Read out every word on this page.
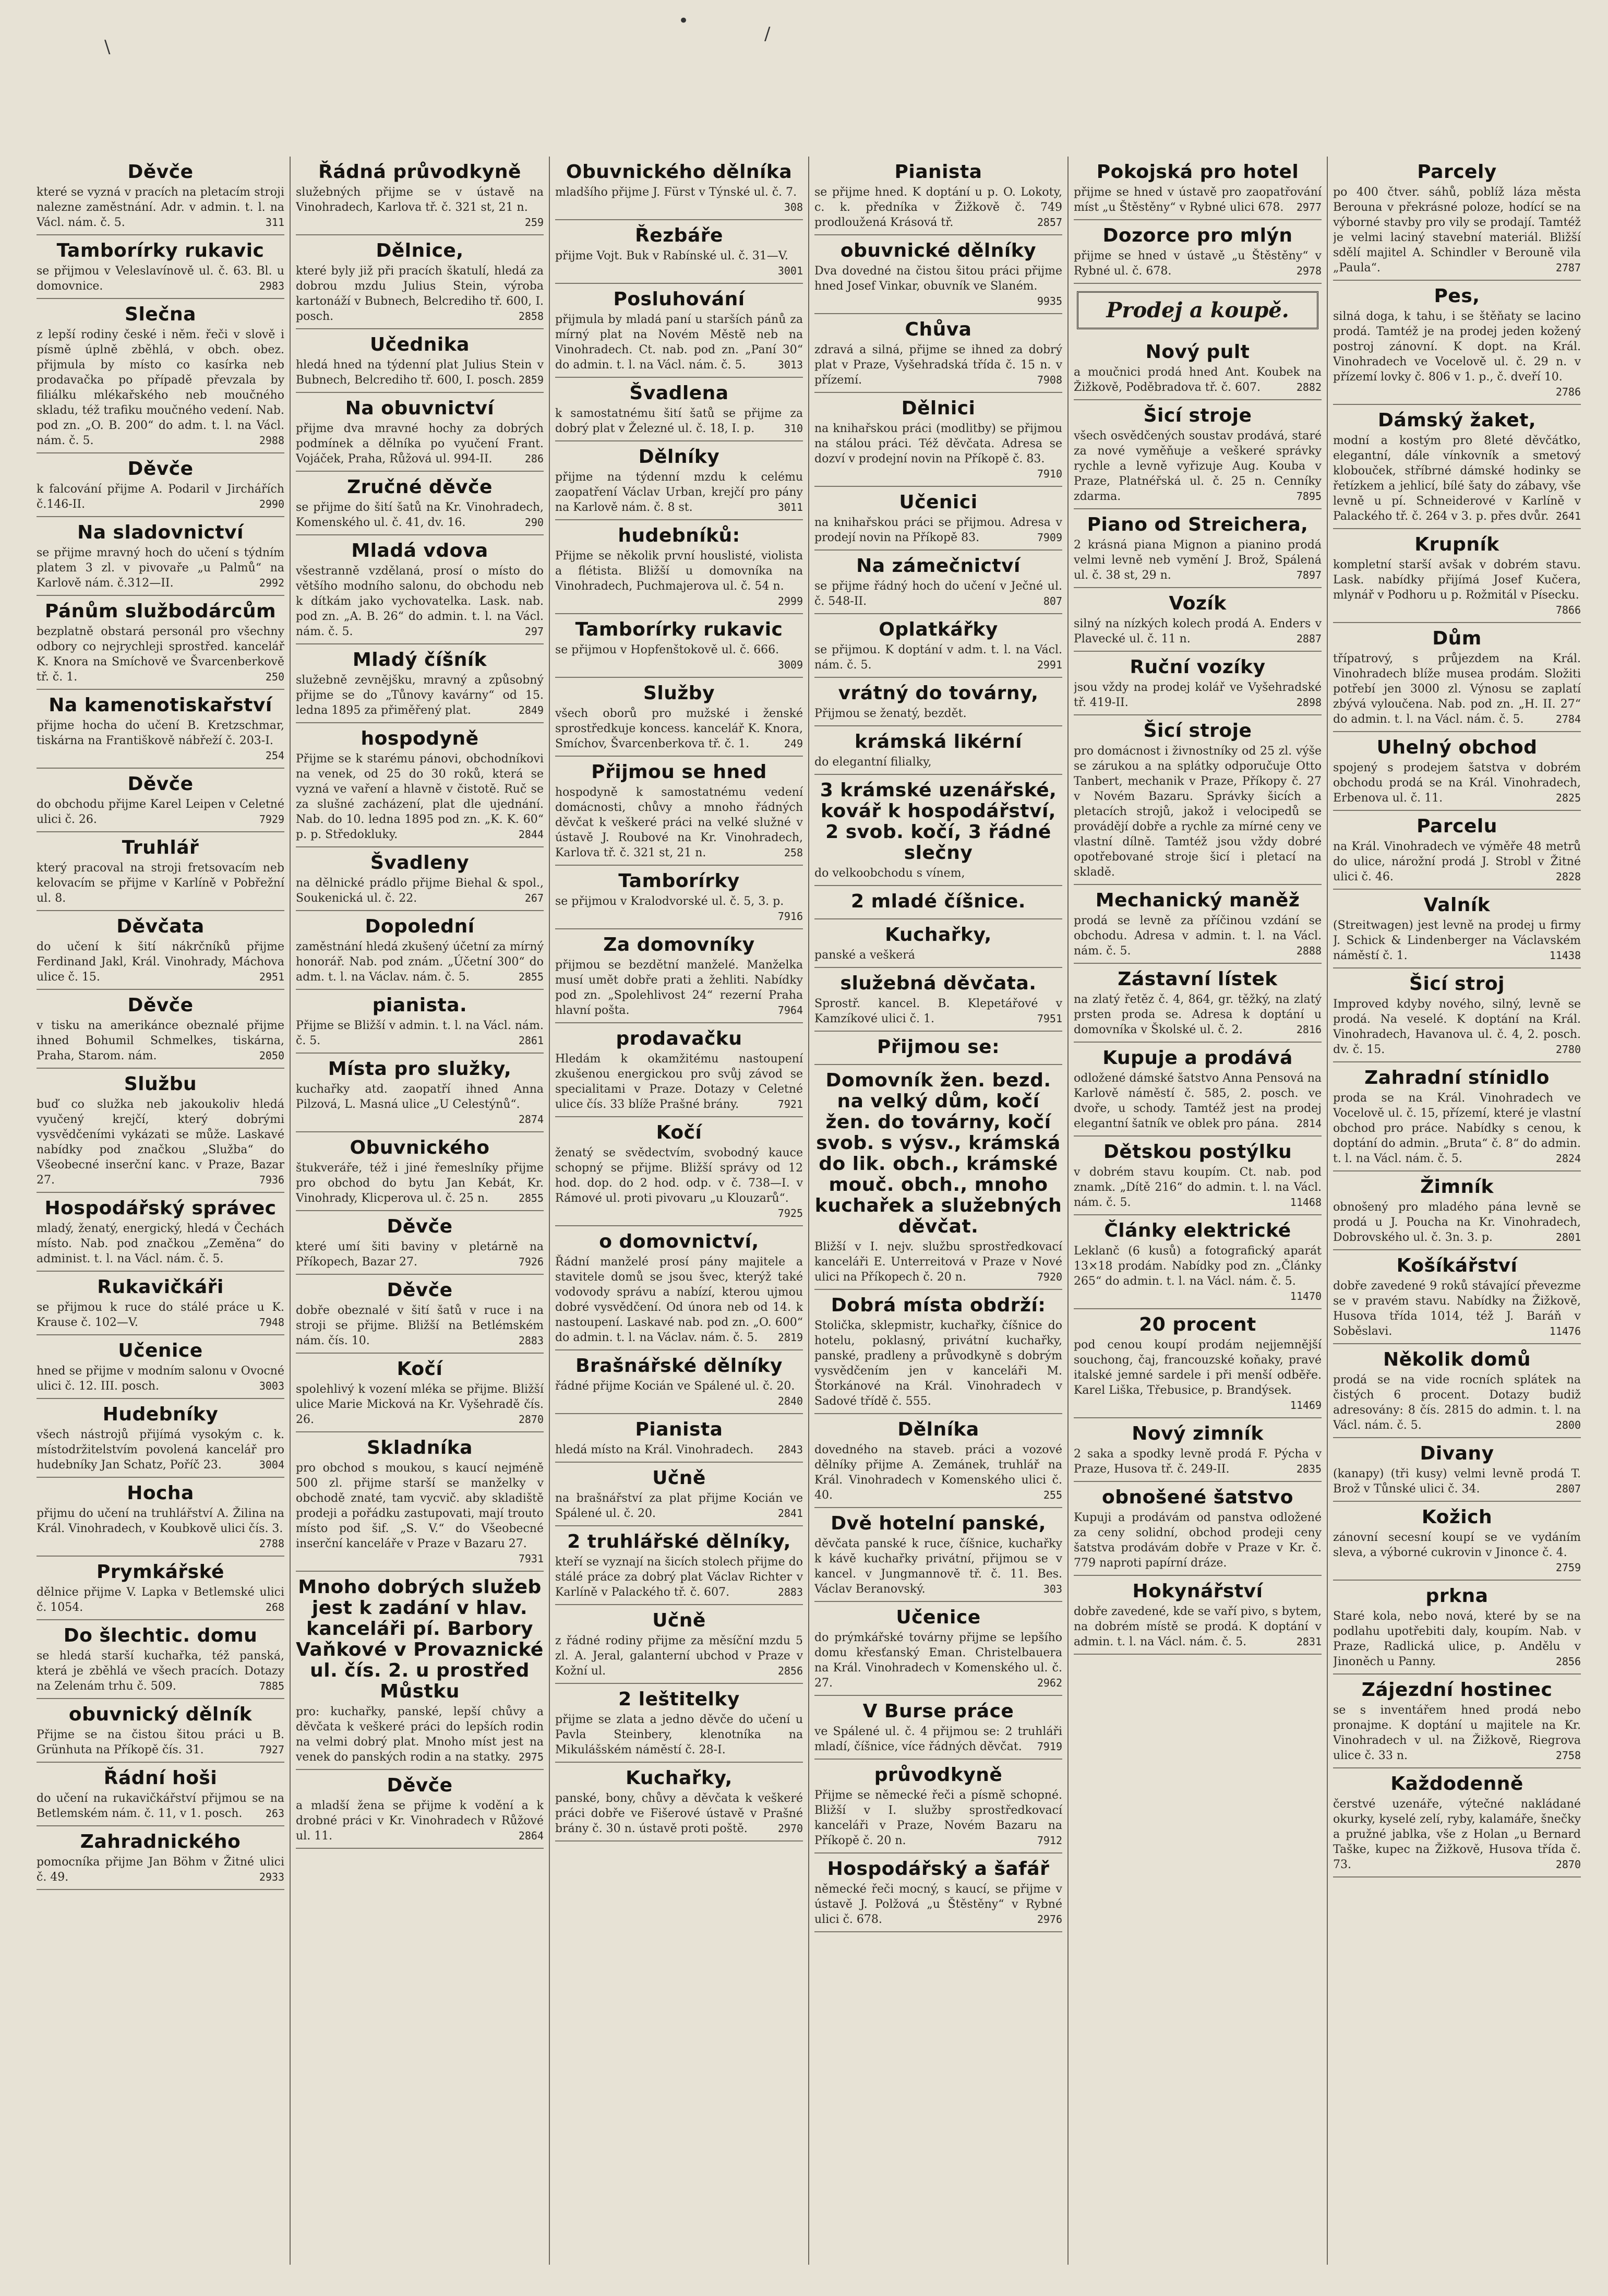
•
\
/
Děvče

které se vyzná v pracích na pletacím stroji nalezne zaměstnání. Adr. v admin. t. l. na Václ. nám. č. 5.	311

Tamborírky rukavic

se přijmou v Veleslavínově ul. č. 63. Bl. u domovnice.	2983

Slečna

z lepší rodiny české i něm. řeči v slově i písmě úplně zběhlá, v obch. obez. přijmula by místo co kasírka neb prodavačka po případě převzala by filiálku mlékařského neb moučného skladu, též trafiku moučného vedení. Nab. pod zn. „O. B. 200“ do adm. t. l. na Václ. nám. č. 5.	2988

Děvče

k falcování přijme A. Podaril v Jirchářích č.146-II.	2990

Na sladovnictví

se přijme mravný hoch do učení s týdním platem 3 zl. v pivovaře „u Palmů“ na Karlově nám. č.312—II.	2992

Pánům službodárcům

bezplatně obstará personál pro všechny odbory co nejrychleji sprostřed. kancelář K. Knora na Smíchově ve Švarcenberkově tř. č. 1.	250

Na kamenotiskařství

přijme hocha do učení B. Kretzschmar, tiskárna na Františkově nábřeží č. 203-I.
254

Děvče

do obchodu přijme Karel Leipen v Celetné ulici č. 26.	7929

Truhlář

který pracoval na stroji fretsovacím neb kelovacím se přijme v Karlíně v Pobřežní ul. 8.

Děvčata

do učení k šití nákrčníků přijme Ferdinand Jakl, Král. Vinohrady, Máchova ulice č. 15.	2951

Děvče

v tisku na amerikánce obeznalé přijme ihned Bohumil Schmelkes, tiskárna, Praha, Starom. nám.	2050

Službu

buď co služka neb jakoukoliv hledá vyučený krejčí, který dobrými vysvědčeními vykázati se může. Laskavé nabídky pod značkou „Služba“ do Všeobecné inserční kanc. v Praze, Bazar 27.	7936

Hospodářský správec

mladý, ženatý, energický, hledá v Čechách místo. Nab. pod značkou „Zeměna“ do administ. t. l. na Václ. nám. č. 5.

Rukavičkáři

se přijmou k ruce do stálé práce u K. Krause č. 102—V.	7948

Učenice

hned se přijme v modním salonu v Ovocné ulici č. 12. III. posch.	3003

Hudebníky

všech nástrojů přijímá vysokým c. k. místodržitelstvím povolená kancelář pro hudebníky Jan Schatz, Poříč 23.	3004

Hocha

přijmu do učení na truhlářství A. Žilina na Král. Vinohradech, v Koubkově ulici čís. 3.
2788

Prymkářské

dělnice přijme V. Lapka v Betlemské ulici č. 1054.	268

Do šlechtic. domu

se hledá starší kuchařka, též panská, která je zběhlá ve všech pracích. Dotazy na Zelenám trhu č. 509.	7885

obuvnický dělník

Přijme se na čistou šitou práci u B. Grünhuta na Příkopě čís. 31.	7927

Řádní hoši

do učení na rukavičkářství přijmou se na Betlemském nám. č. 11, v 1. posch. 263

Zahradnického

pomocníka přijme Jan Böhm v Žitné ulici č. 49.	2933

Řádná průvodkyně

služebných přijme se v ústavě na Vinohradech, Karlova tř. č. 321 st, 21 n.
259

Dělnice,

které byly již při pracích škatulí, hledá za dobrou mzdu Julius Stein, výroba kartonáží v Bubnech, Belcrediho tř. 600, I. posch.	2858

Učednika

hledá hned na týdenní plat Julius Stein v Bubnech, Belcrediho tř. 600, I. posch. 2859

Na obuvnictví

přijme dva mravné hochy za dobrých podmínek a dělníka po vyučení Frant. Vojáček, Praha, Růžová ul. 994-II.	286

Zručné děvče

se přijme do šití šatů na Kr. Vinohradech, Komenského ul. č. 41, dv. 16.	290

Mladá vdova

všestranně vzdělaná, prosí o místo do většího modního salonu, do obchodu neb k dítkám jako vychovatelka. Lask. nab. pod zn. „A. B. 26“ do admin. t. l. na Václ. nám. č. 5.	297

Mladý číšník

služebně zevnějšku, mravný a způsobný přijme se do „Tůnovy kavárny“ od 15. ledna 1895 za přiměřený plat.	2849

hospodyně

Přijme se k starému pánovi, obchodníkovi na venek, od 25 do 30 roků, která se vyzná ve vaření a hlavně v čistotě. Ruč se za slušné zacházení, plat dle ujednání. Nab. do 10. ledna 1895 pod zn. „K. K. 60“ p. p. Středokluky.	2844

Švadleny

na dělnické prádlo přijme Biehal & spol., Soukenická ul. č. 22.	267

Dopolední

zaměstnání hledá zkušený účetní za mírný honorář. Nab. pod znám. „Účetní 300“ do adm. t. l. na Václav. nám. č. 5.	2855

pianista.

Přijme se Bližší v admin. t. l. na Václ. nám. č. 5.	2861

Místa pro služky,

kuchařky atd. zaopatří ihned Anna Pilzová, L. Masná ulice „U Celestýnů“.
2874

Obuvnického

štukveráře, též i jiné řemeslníky přijme pro obchod do bytu Jan Kebát, Kr. Vinohrady, Klicperova ul. č. 25 n.	2855

Děvče

které umí šiti baviny v pletárně na Příkopech, Bazar 27.	7926

Děvče

dobře obeznalé v šití šatů v ruce i na stroji se přijme. Bližší na Betlémském nám. čís. 10.	2883

Kočí

spolehlivý k vození mléka se přijme. Bližší ulice Marie Micková na Kr. Vyšehradě čís. 26.	2870

Skladníka

pro obchod s moukou, s kaucí nejméně 500 zl. přijme starší se manželky v obchodě znaté, tam vycvič. aby skladiště prodeji a pořádku zastupovati, mají trouto místo pod šif. „S. V.“ do Všeobecné inserční kanceláře v Praze v Bazaru 27.
7931

Mnoho dobrých služeb jest k zadání v hlav. kanceláři pí. Barbory Vaňkové v Provaznické ul. čís. 2. u prostřed Můstku

pro: kuchařky, panské, lepší chůvy a děvčata k veškeré práci do lepších rodin na velmi dobrý plat. Mnoho míst jest na venek do panských rodin a na statky. 2975

Děvče

a mladší žena se přijme k vodění a k drobné práci v Kr. Vinohradech v Růžové ul. 11.	2864

Obuvnického dělníka

mladšího přijme J. Fürst v Týnské ul. č. 7.
308

Řezbáře

přijme Vojt. Buk v Rabínské ul. č. 31—V.
3001

Posluhování

přijmula by mladá paní u starších pánů za mírný plat na Novém Městě neb na Vinohradech. Ct. nab. pod zn. „Paní 30“ do admin. t. l. na Václ. nám. č. 5.	3013

Švadlena

k samostatnému šití šatů se přijme za dobrý plat v Železné ul. č. 18, I. p.	310

Dělníky

přijme na týdenní mzdu k celému zaopatření Václav Urban, krejčí pro pány na Karlově nám. č. 8 st.	3011

hudebníků:

Přijme se několik první houslisté, violista a flétista. Bližší u domovníka na Vinohradech, Puchmajerova ul. č. 54 n.
2999

Tamborírky rukavic

se přijmou v Hopfenštokově ul. č. 666.
3009

Služby

všech oborů pro mužské i ženské sprostředkuje koncess. kancelář K. Knora, Smíchov, Švarcenberkova tř. č. 1.	249

Přijmou se hned

hospodyně k samostatnému vedení domácnosti, chůvy a mnoho řádných děvčat k veškeré práci na velké služné v ústavě J. Roubové na Kr. Vinohradech, Karlova tř. č. 321 st, 21 n.	258

Tamborírky

se přijmou v Kralodvorské ul. č. 5, 3. p.
7916

Za domovníky

přijmou se bezdětní manželé. Manželka musí umět dobře prati a žehliti. Nabídky pod zn. „Spolehlivost 24“ rezerní Praha hlavní pošta.	7964

prodavačku

Hledám k okamžitému nastoupení zkušenou energickou pro svůj závod se specialitami v Praze. Dotazy v Celetné ulice čís. 33 blíže Prašné brány.	7921

Kočí

ženatý se svědectvím, svobodný kauce schopný se přijme. Bližší správy od 12 hod. dop. do 2 hod. odp. v č. 738—I. v Rámové ul. proti pivovaru „u Klouzarů“.
7925

o domovnictví,

Řádní manželé prosí pány majitele a stavitele domů se jsou švec, kterýž také vodovody správu a nabízí, kterou ujmou dobré vysvědčení. Od února neb od 14. k nastoupení. Laskavé nab. pod zn. „O. 600“ do admin. t. l. na Václav. nám. č. 5. 2819

Brašnářské dělníky

řádné přijme Kocián ve Spálené ul. č. 20.
2840

Pianista

hledá místo na Král. Vinohradech. 2843

Učně

na brašnářství za plat přijme Kocián ve Spálené ul. č. 20.	2841

2 truhlářské dělníky,

kteří se vyznají na šicích stolech přijme do stálé práce za dobrý plat Václav Richter v Karlíně v Palackého tř. č. 607.	2883

Učně

z řádné rodiny přijme za měsíční mzdu 5 zl. A. Jeral, galanterní ubchod v Praze v Kožní ul.	2856

2 leštitelky

přijme se zlata a jedno děvče do učení u Pavla Steinbery, klenotníka na Mikulášském náměstí č. 28-I.

Kuchařky,

panské, bony, chůvy a děvčata k veškeré práci dobře ve Fišerové ústavě v Prašné brány č. 30 n. ústavě proti poště.	2970

Pianista

se přijme hned. K doptání u p. O. Lokoty, c. k. předníka v Žižkově č. 749 prodloužená Krásová tř.	2857

obuvnické dělníky

Dva dovedné na čistou šitou práci přijme hned Josef Vinkar, obuvník ve Slaném.
9935

Chůva

zdravá a silná, přijme se ihned za dobrý plat v Praze, Vyšehradská třída č. 15 n. v přízemí.	7908

Dělnici

na knihařskou práci (modlitby) se přijmou na stálou práci. Též děvčata. Adresa se dozví v prodejní novin na Příkopě č. 83.
7910

Učenici

na knihařskou práci se přijmou. Adresa v prodejí novin na Příkopě 83.	7909

Na zámečnictví

se přijme řádný hoch do učení v Ječné ul. č. 548-II.	807

Oplatkářky

se přijmou. K doptání v adm. t. l. na Václ. nám. č. 5.	2991

vrátný do továrny,

Přijmou se ženatý, bezdět.

krámská likérní

do elegantní filialky,

3 krámské uzenářské, kovář k hospodářství, 2 svob. kočí, 3 řádné slečny

do velkoobchodu s vínem,

2 mladé číšnice.
Kuchařky,

panské a veškerá

služebná děvčata.

Sprostř. kancel. B. Klepetářové v Kamzíkové ulici č. 1.	7951

Přijmou se:
Domovník žen. bezd. na velký dům, kočí žen. do továrny, kočí svob. s výsv., krámská do lik. obch., krámské mouč. obch., mnoho kuchařek a služebných děvčat.

Bližší v I. nejv. službu sprostředkovací kanceláři E. Unterreitová v Praze v Nové ulici na Příkopech č. 20 n.	7920

Dobrá místa obdrží:

Stolička, sklepmistr, kuchařky, číšnice do hotelu, poklasný, privátní kuchařky, panské, pradleny a průvodkyně s dobrým vysvědčením jen v kanceláři M. Štorkánové na Král. Vinohradech v Sadové třídě č. 555.

Dělníka

dovedného na staveb. práci a vozové dělníky přijme A. Zemánek, truhlář na Král. Vinohradech v Komenského ulici č. 40.	255

Dvě hotelní panské,

děvčata panské k ruce, číšnice, kuchařky k kávě kuchařky privátní, přijmou se v kancel. v Jungmannově tř. č. 11. Bes. Václav Beranovský.	303

Učenice

do prýmkářské továrny přijme se lepšího domu křesťanský Eman. Christelbauera na Král. Vinohradech v Komenského ul. č. 27.	2962

V Burse práce

ve Spálené ul. č. 4 přijmou se: 2 truhláři mladí, číšnice, více řádných děvčat. 7919

průvodkyně

Přijme se německé řeči a písmě schopné. Bližší v I. služby sprostředkovací kanceláři v Praze, Novém Bazaru na Příkopě č. 20 n.	7912

Hospodářský a šafář

německé řeči mocný, s kaucí, se přijme v ústavě J. Polžová „u Štěstěny“ v Rybné ulici č. 678.	2976

Pokojská pro hotel

přijme se hned v ústavě pro zaopatřování míst „u Štěstěny“ v Rybné ulici 678. 2977

Dozorce pro mlýn

přijme se hned v ústavě „u Štěstěny“ v Rybné ul. č. 678.	2978

Prodej a koupě.
Nový pult

a moučnici prodá hned Ant. Koubek na Žižkově, Poděbradova tř. č. 607.	2882

Šicí stroje

všech osvědčených soustav prodává, staré za nové vyměňuje a veškeré správky rychle a levně vyřizuje Aug. Kouba v Praze, Platnéřská ul. č. 25 n. Cenníky zdarma.	7895

Piano od Streichera,

2 krásná piana Mignon a pianino prodá velmi levně neb vymění J. Brož, Spálená ul. č. 38 st, 29 n.	7897

Vozík

silný na nízkých kolech prodá A. Enders v Plavecké ul. č. 11 n.	2887

Ruční vozíky

jsou vždy na prodej kolář ve Vyšehradské tř. 419-II.	2898

Šicí stroje

pro domácnost i živnostníky od 25 zl. výše se zárukou a na splátky odporučuje Otto Tanbert, mechanik v Praze, Příkopy č. 27 v Novém Bazaru. Správky šicích a pletacích strojů, jakož i velocipedů se provádějí dobře a rychle za mírné ceny ve vlastní dílně. Tamtéž jsou vždy dobré opotřebované stroje šicí i pletací na skladě.

Mechanický maněž

prodá se levně za příčinou vzdání se obchodu. Adresa v admin. t. l. na Václ. nám. č. 5.	2888

Zástavní lístek

na zlatý řetěz č. 4, 864, gr. těžký, na zlatý prsten proda se. Adresa k doptání u domovníka v Školské ul. č. 2.	2816

Kupuje a prodává

odložené dámské šatstvo Anna Pensová na Karlově náměstí č. 585, 2. posch. ve dvoře, u schody. Tamtéž jest na prodej elegantní šatník ve oblek pro pána. 2814

Dětskou postýlku

v dobrém stavu koupím. Ct. nab. pod znamk. „Dítě 216“ do admin. t. l. na Václ. nám. č. 5.	11468

Články elektrické

Leklanč (6 kusů) a fotografický aparát 13×18 prodám. Nabídky pod zn. „Články 265“ do admin. t. l. na Václ. nám. č. 5.
11470

20 procent

pod cenou koupí prodám nejjemnější souchong, čaj, francouzské koňaky, pravé italské jemné sardele i při menší odběře. Karel Liška, Třebusice, p. Brandýsek.
11469

Nový zimník

2 saka a spodky levně prodá F. Pýcha v Praze, Husova tř. č. 249-II.	2835

obnošené šatstvo

Kupuji a prodávám od panstva odložené za ceny solidní, obchod prodeji ceny šatstva prodávám dobře v Praze v Kr. č. 779 naproti papírní dráze.

Hokynářství

dobře zavedené, kde se vaří pivo, s bytem, na dobrém místě se prodá. K doptání v admin. t. l. na Václ. nám. č. 5.	2831

Parcely

po 400 čtver. sáhů, poblíž láza města Berouna v překrásné poloze, hodící se na výborné stavby pro vily se prodají. Tamtéž je velmi laciný stavební materiál. Bližší sdělí majitel A. Schindler v Berouně vila „Paula“.	2787

Pes,

silná doga, k tahu, i se štěňaty se lacino prodá. Tamtéž je na prodej jeden kožený postroj zánovní. K dopt. na Král. Vinohradech ve Vocelově ul. č. 29 n. v přízemí lovky č. 806 v 1. p., č. dveří 10.
2786

Dámský žaket,

modní a kostým pro 8leté děvčátko, elegantní, dále vínkovník a smetový klobouček, stříbrné dámské hodinky se řetízkem a jehlicí, bílé šaty do zábavy, vše levně u pí. Schneiderové v Karlíně v Palackého tř. č. 264 v 3. p. přes dvůr. 2641

Krupník

kompletní starší avšak v dobrém stavu. Lask. nabídky přijímá Josef Kučera, mlynář v Podhoru u p. Rožmitál v Písecku.
7866

Dům

třípatrový, s průjezdem na Král. Vinohradech blíže musea prodám. Složiti potřebí jen 3000 zl. Výnosu se zaplatí zbývá vyloučena. Nab. pod zn. „H. II. 27“ do admin. t. l. na Václ. nám. č. 5.	2784

Uhelný obchod

spojený s prodejem šatstva v dobrém obchodu prodá se na Král. Vinohradech, Erbenova ul. č. 11.	2825

Parcelu

na Král. Vinohradech ve výměře 48 metrů do ulice, nárožní prodá J. Strobl v Žitné ulici č. 46.	2828

Valník

(Streitwagen) jest levně na prodej u firmy J. Schick & Lindenberger na Václavském náměstí č. 1.	11438

Šicí stroj

Improved kdyby nového, silný, levně se prodá. Na veselé. K doptání na Král. Vinohradech, Havanova ul. č. 4, 2. posch. dv. č. 15.	2780

Zahradní stínidlo

proda se na Král. Vinohradech ve Vocelově ul. č. 15, přízemí, které je vlastní obchod pro práce. Nabídky s cenou, k doptání do admin. „Bruta“ č. 8“ do admin. t. l. na Václ. nám. č. 5.	2824

Žimník

obnošený pro mladého pána levně se prodá u J. Poucha na Kr. Vinohradech, Dobrovského ul. č. 3n. 3. p.	2801

Košíkářství

dobře zavedené 9 roků stávající převezme se v pravém stavu. Nabídky na Žižkově, Husova třída 1014, též J. Baráň v Soběslavi.	11476

Několik domů

prodá se na vide rocních splátek na čistých 6 procent. Dotazy budiž adresovány: 8 čís. 2815 do admin. t. l. na Václ. nám. č. 5.	2800

Divany

(kanapy) (tři kusy) velmi levně prodá T. Brož v Tůnské ulici č. 34.	2807

Kožich

zánovní secesní koupí se ve vydáním sleva, a výborné cukrovin v Jinonce č. 4.
2759

prkna

Staré kola, nebo nová, které by se na podlahu upotřebiti daly, koupím. Nab. v Praze, Radlická ulice, p. Andělu v Jinoněch u Panny.	2856

Zájezdní hostinec

se s inventářem hned prodá nebo pronajme. K doptání u majitele na Kr. Vinohradech v ul. na Žižkově, Riegrova ulice č. 33 n.	2758

Každodenně

čerstvé uzenáře, výtečné nakládané okurky, kyselé zelí, ryby, kalamáře, šnečky a pružné jablka, vše z Holan „u Bernard Taške, kupec na Žižkově, Husova třída č. 73.	2870
